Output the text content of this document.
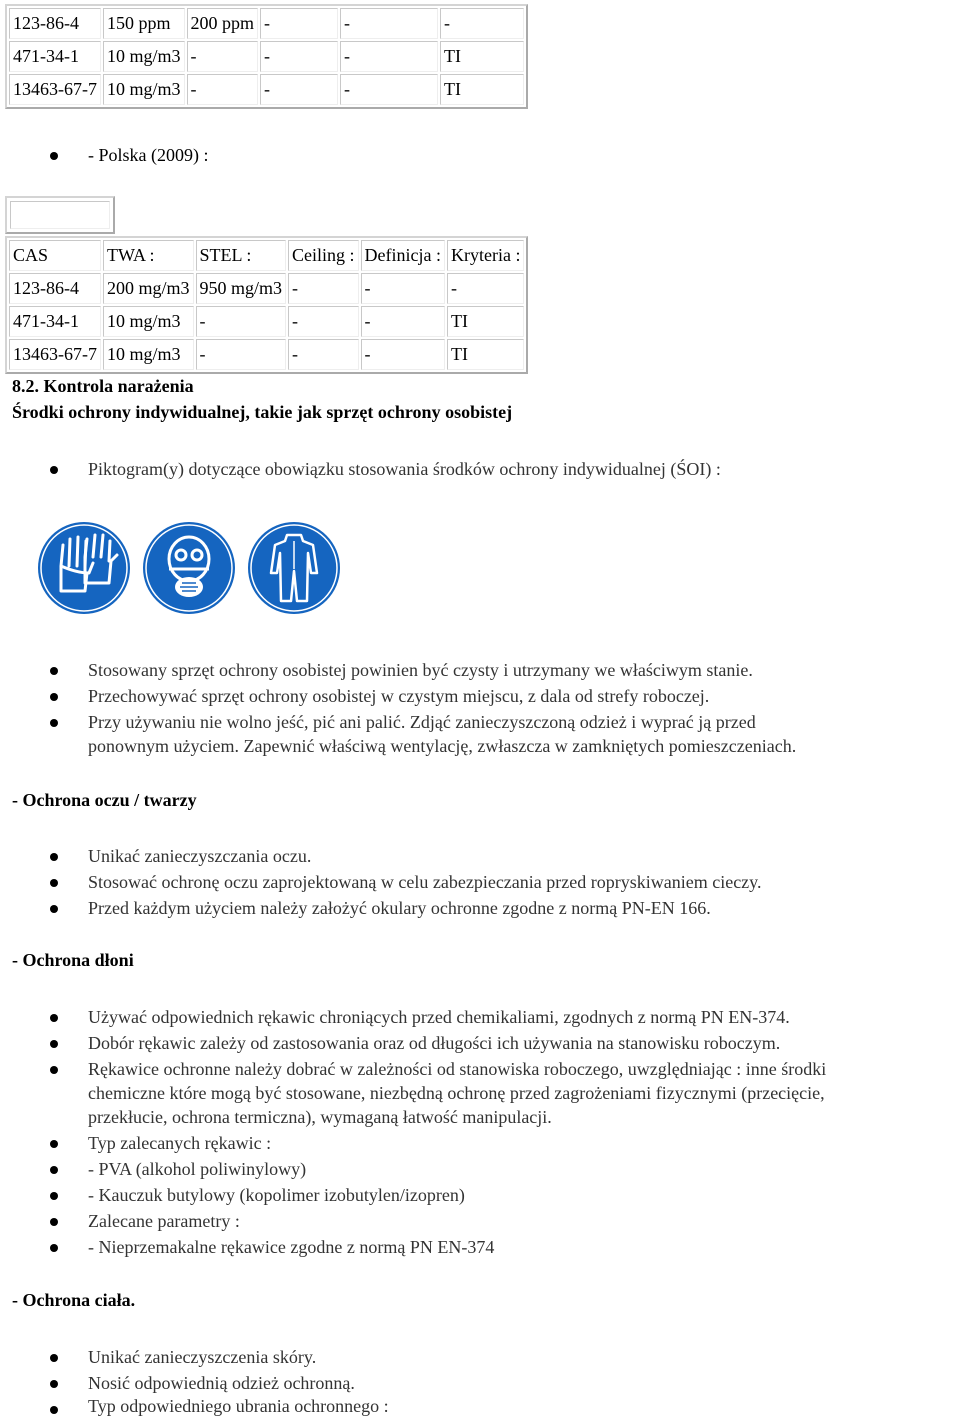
123-86-4	150 ppm	200 ppm	-	-	-
471-34-1	10 mg/m3	-	-	-	TI
13463-67-7	10 mg/m3	-	-	-	TI
- Polska (2009) :
CAS	TWA :	STEL :	Ceiling :	Definicja :	Kryteria :
123-86-4	200 mg/m3	950 mg/m3	-	-	-
471-34-1	10 mg/m3	-	-	-	TI
13463-67-7	10 mg/m3	-	-	-	TI
8.2. Kontrola narażenia
Środki ochrony indywidualnej, takie jak sprzęt ochrony osobistej
Piktogram(y) dotyczące obowiązku stosowania środków ochrony indywidualnej (ŚOI) :
Stosowany sprzęt ochrony osobistej powinien być czysty i utrzymany we właściwym stanie.
Przechowywać sprzęt ochrony osobistej w czystym miejscu, z dala od strefy roboczej.
Przy używaniu nie wolno jeść, pić ani palić. Zdjąć zanieczyszczoną odzież i wyprać ją przed
ponownym użyciem. Zapewnić właściwą wentylację, zwłaszcza w zamkniętych pomieszczeniach.
- Ochrona oczu / twarzy
Unikać zanieczyszczania oczu.
Stosować ochronę oczu zaprojektowaną w celu zabezpieczania przed ropryskiwaniem cieczy.
Przed każdym użyciem należy założyć okulary ochronne zgodne z normą PN-EN 166.
- Ochrona dłoni
Używać odpowiednich rękawic chroniących przed chemikaliami, zgodnych z normą PN EN-374.
Dobór rękawic zależy od zastosowania oraz od długości ich używania na stanowisku roboczym.
Rękawice ochronne należy dobrać w zależności od stanowiska roboczego, uwzględniając : inne środki
chemiczne które mogą być stosowane, niezbędną ochronę przed zagrożeniami fizycznymi (przecięcie,
przekłucie, ochrona termiczna), wymaganą łatwość manipulacji.
Typ zalecanych rękawic :
- PVA (alkohol poliwinylowy)
- Kauczuk butylowy (kopolimer izobutylen/izopren)
Zalecane parametry :
- Nieprzemakalne rękawice zgodne z normą PN EN-374
- Ochrona ciała.
Unikać zanieczyszczenia skóry.
Nosić odpowiednią odzież ochronną.
Typ odpowiedniego ubrania ochronnego :
